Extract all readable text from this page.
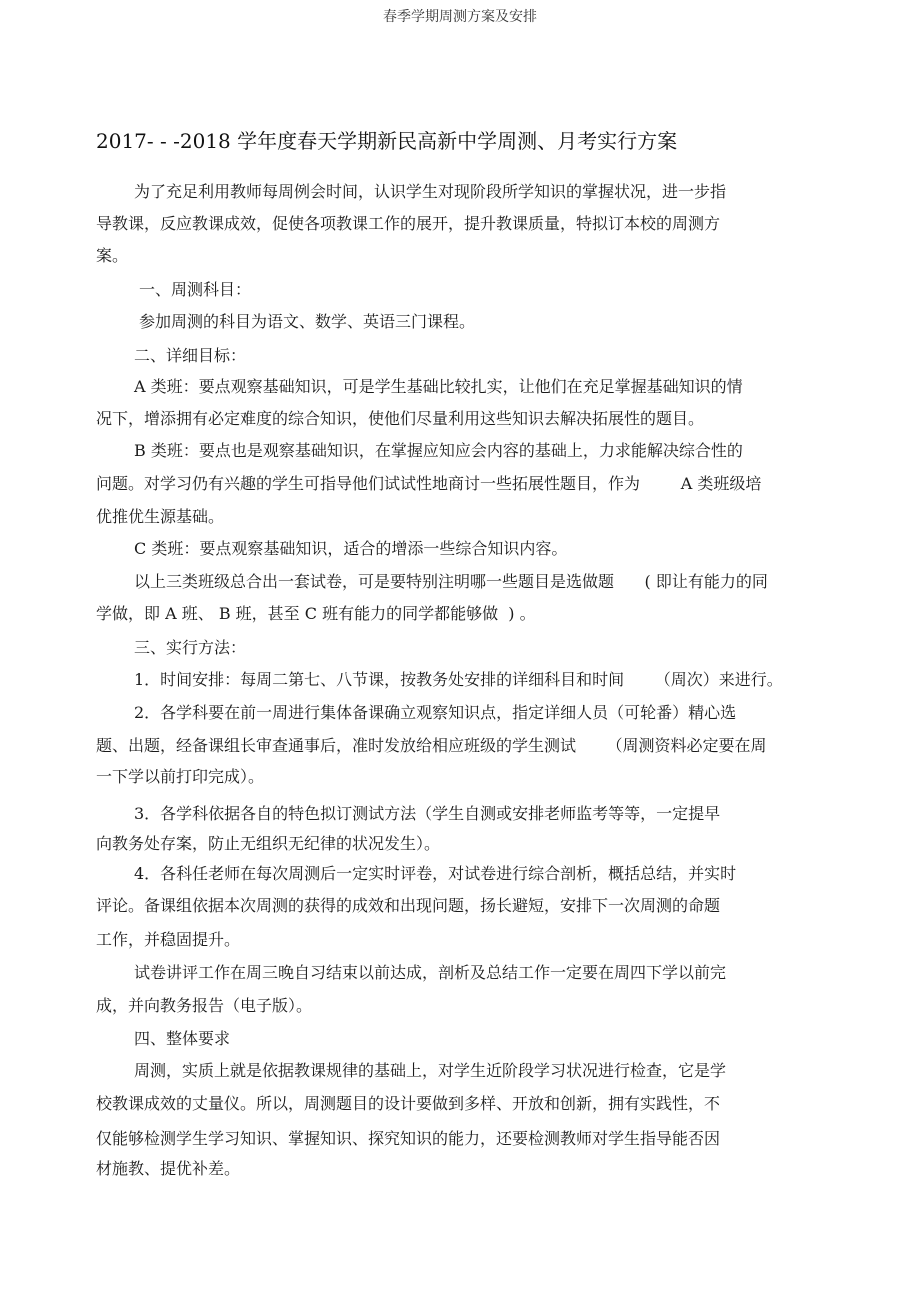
春季学期周测方案及安排
2017- - -2018 学年度春天学期新民高新中学周测、月考实行方案
为了充足利用教师每周例会时间，认识学生对现阶段所学知识的掌握状况，进一步指
导教课，反应教课成效，促使各项教课工作的展开，提升教课质量，特拟订本校的周测方
案。
一、周测科目：
参加周测的科目为语文、数学、英语三门课程。
二、详细目标：
A 类班：要点观察基础知识，可是学生基础比较扎实，让他们在充足掌握基础知识的情
况下，增添拥有必定难度的综合知识，使他们尽量利用这些知识去解决拓展性的题目。
B 类班：要点也是观察基础知识，在掌握应知应会内容的基础上，力求能解决综合性的
问题。对学习仍有兴趣的学生可指导他们试试性地商讨一些拓展性题目，作为        A 类班级培
优推优生源基础。
C 类班：要点观察基础知识，适合的增添一些综合知识内容。
以上三类班级总合出一套试卷，可是要特别注明哪一些题目是选做题      ( 即让有能力的同
学做，即 A 班、 B 班，甚至 C 班有能力的同学都能够做  ) 。
三、实行方法：
1．时间安排：每周二第七、八节课，按教务处安排的详细科目和时间      （周次）来进行。
2．各学科要在前一周进行集体备课确立观察知识点，指定详细人员（可轮番）精心选
题、出题，经备课组长审查通事后，准时发放给相应班级的学生测试      （周测资料必定要在周
一下学以前打印完成）。
3．各学科依据各自的特色拟订测试方法（学生自测或安排老师监考等等，一定提早
向教务处存案，防止无组织无纪律的状况发生）。
4．各科任老师在每次周测后一定实时评卷，对试卷进行综合剖析，概括总结，并实时
评论。备课组依据本次周测的获得的成效和出现问题，扬长避短，安排下一次周测的命题
工作，并稳固提升。
试卷讲评工作在周三晚自习结束以前达成，剖析及总结工作一定要在周四下学以前完
成，并向教务报告（电子版）。
四、整体要求
周测，实质上就是依据教课规律的基础上，对学生近阶段学习状况进行检查，它是学
校教课成效的丈量仪。所以，周测题目的设计要做到多样、开放和创新，拥有实践性，不
仅能够检测学生学习知识、掌握知识、探究知识的能力，还要检测教师对学生指导能否因
材施教、提优补差。
